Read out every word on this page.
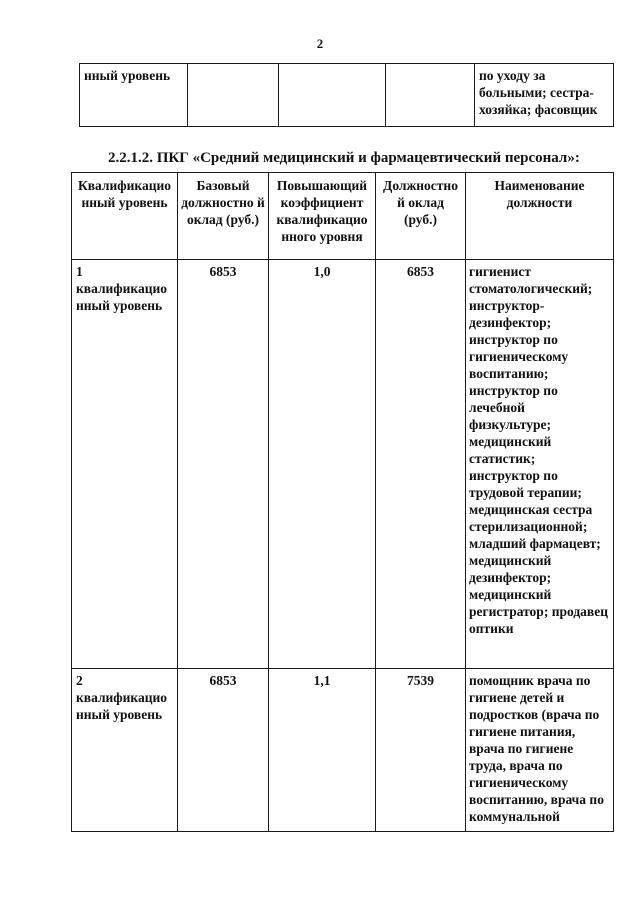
2
нный уровень				по уходу за больными; сестра-хозяйка; фасовщик
2.2.1.2. ПКГ «Средний медицинский и фармацевтический персонал»:
Квалификацио нный уровень	Базовый должностно й оклад (руб.)	Повышающий коэффициент квалификацио нного уровня	Должностно й оклад (руб.)	Наименование должности
1 квалификацио нный уровень	6853	1,0	6853	гигиенист стоматологический; инструктор-дезинфектор; инструктор по гигиеническому воспитанию; инструктор по лечебной физкультуре; медицинский статистик; инструктор по трудовой терапии; медицинская сестра стерилизационной; младший фармацевт; медицинский дезинфектор; медицинский регистратор; продавец оптики
2 квалификацио нный уровень	6853	1,1	7539	помощник врача по гигиене детей и подростков (врача по гигиене питания, врача по гигиене труда, врача по гигиеническому воспитанию, врача по коммунальной
